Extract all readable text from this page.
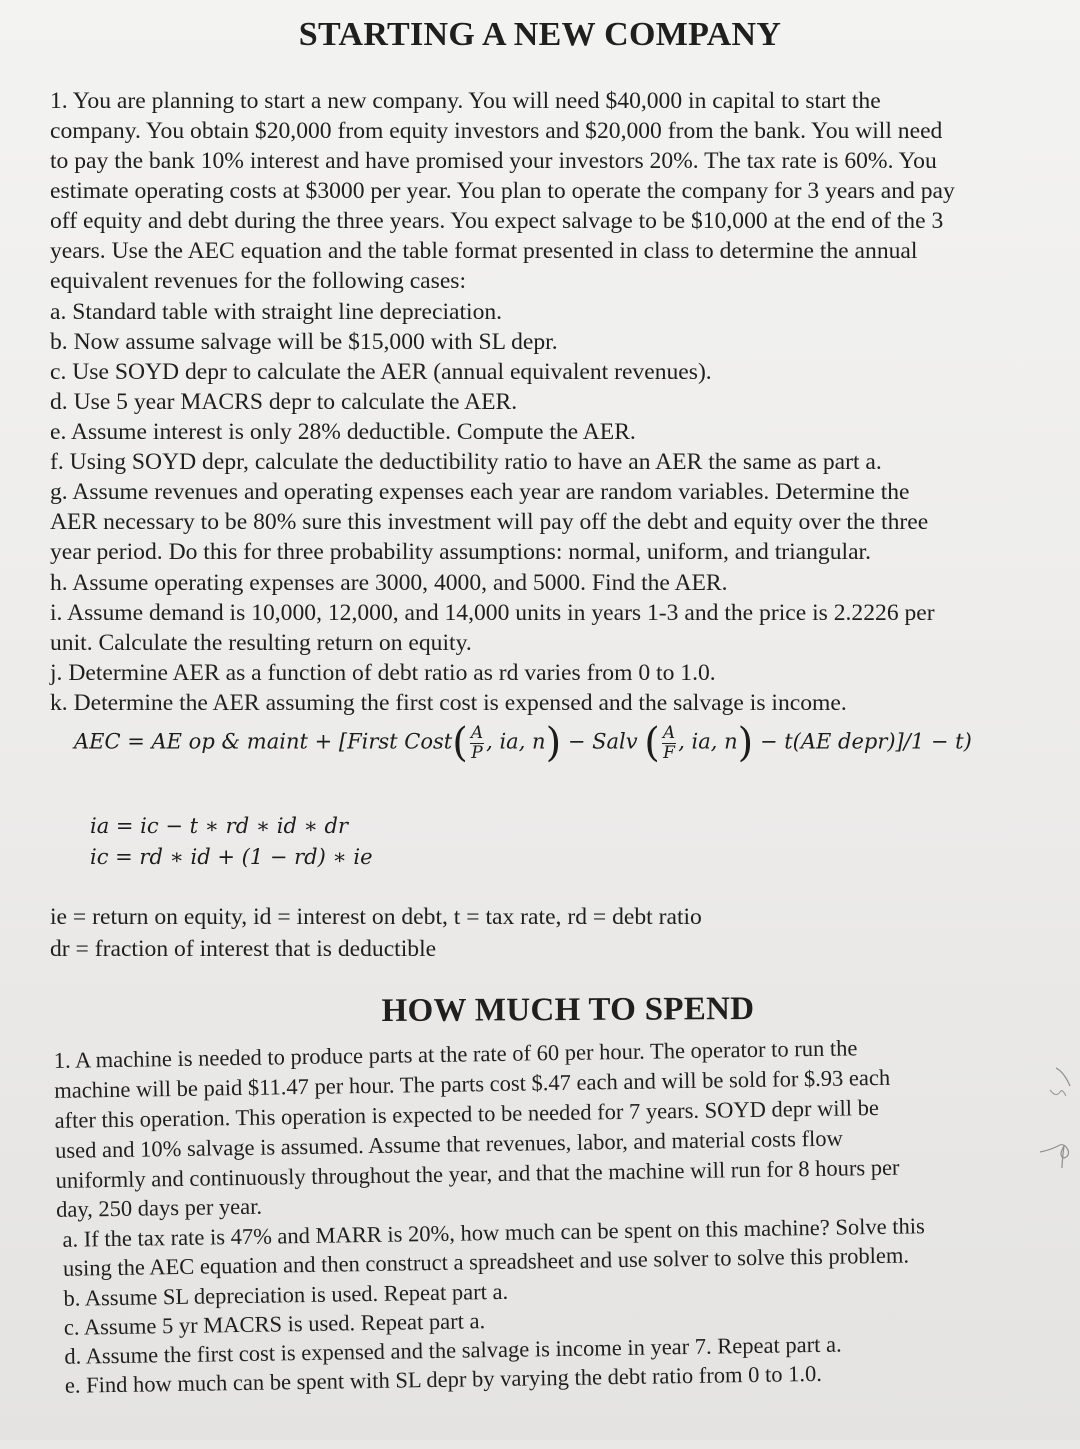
STARTING A NEW COMPANY
1. You are planning to start a new company. You will need $40,000 in capital to start the
company. You obtain $20,000 from equity investors and $20,000 from the bank. You will need
to pay the bank 10% interest and have promised your investors 20%. The tax rate is 60%. You
estimate operating costs at $3000 per year. You plan to operate the company for 3 years and pay
off equity and debt during the three years. You expect salvage to be $10,000 at the end of the 3
years. Use the AEC equation and the table format presented in class to determine the annual
equivalent revenues for the following cases:
a. Standard table with straight line depreciation.
b. Now assume salvage will be $15,000 with SL depr.
c. Use SOYD depr to calculate the AER (annual equivalent revenues).
d. Use 5 year MACRS depr to calculate the AER.
e. Assume interest is only 28% deductible. Compute the AER.
f. Using SOYD depr, calculate the deductibility ratio to have an AER the same as part a.
g. Assume revenues and operating expenses each year are random variables. Determine the
AER necessary to be 80% sure this investment will pay off the debt and equity over the three
year period. Do this for three probability assumptions: normal, uniform, and triangular.
h. Assume operating expenses are 3000, 4000, and 5000. Find the AER.
i. Assume demand is 10,000, 12,000, and 14,000 units in years 1-3 and the price is 2.2226 per
unit. Calculate the resulting return on equity.
j. Determine AER as a function of debt ratio as rd varies from 0 to 1.0.
k. Determine the AER assuming the first cost is expensed and the salvage is income.
AEC = AE op & maint + [First Cost( $\frac{A}{P}$ , ia, n) − Salv ( $\frac{A}{F}$ , ia, n) − t(AE depr)]/1 − t)
ia = ic − t ∗ rd ∗ id ∗ dr
ic = rd ∗ id + (1 − rd) ∗ ie
ie = return on equity, id = interest on debt, t = tax rate, rd = debt ratio
dr = fraction of interest that is deductible
HOW MUCH TO SPEND
1. A machine is needed to produce parts at the rate of 60 per hour. The operator to run the
machine will be paid $11.47 per hour. The parts cost $.47 each and will be sold for $.93 each
after this operation. This operation is expected to be needed for 7 years. SOYD depr will be
used and 10% salvage is assumed. Assume that revenues, labor, and material costs flow
uniformly and continuously throughout the year, and that the machine will run for 8 hours per
day, 250 days per year.
a. If the tax rate is 47% and MARR is 20%, how much can be spent on this machine? Solve this
using the AEC equation and then construct a spreadsheet and use solver to solve this problem.
b. Assume SL depreciation is used. Repeat part a.
c. Assume 5 yr MACRS is used. Repeat part a.
d. Assume the first cost is expensed and the salvage is income in year 7. Repeat part a.
e. Find how much can be spent with SL depr by varying the debt ratio from 0 to 1.0.
